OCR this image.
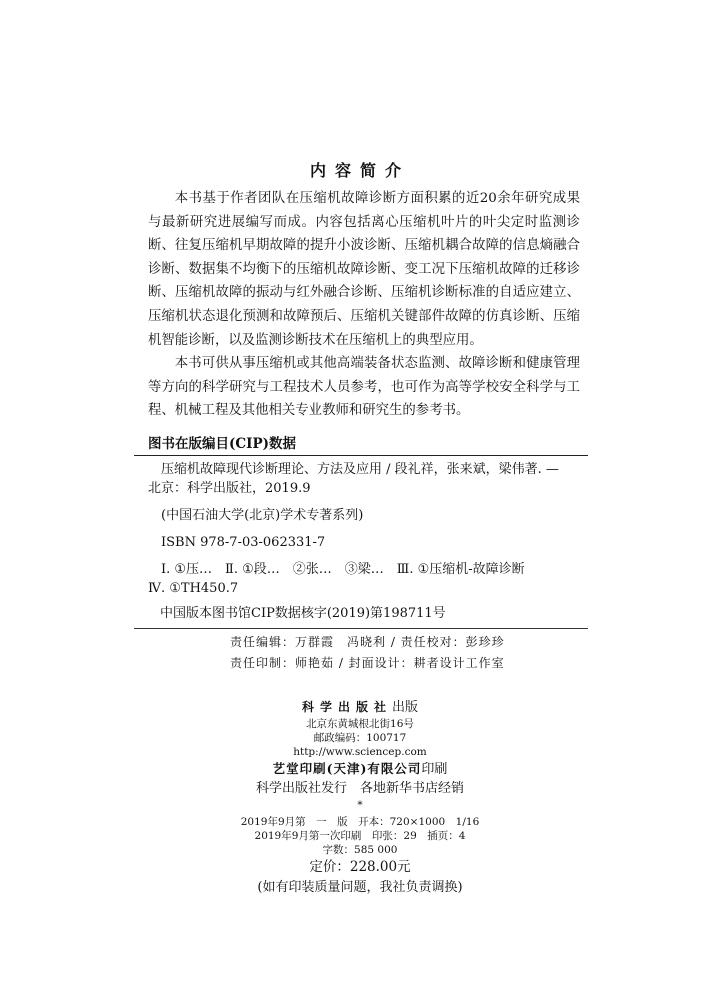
内容简介

本书基于作者团队在压缩机故障诊断方面积累的近20余年研究成果与最新研究进展编写而成。内容包括离心压缩机叶片的叶尖定时监测诊断、往复压缩机早期故障的提升小波诊断、压缩机耦合故障的信息熵融合诊断、数据集不均衡下的压缩机故障诊断、变工况下压缩机故障的迁移诊断、压缩机故障的振动与红外融合诊断、压缩机诊断标准的自适应建立、压缩机状态退化预测和故障预后、压缩机关键部件故障的仿真诊断、压缩机智能诊断，以及监测诊断技术在压缩机上的典型应用。

本书可供从事压缩机或其他高端装备状态监测、故障诊断和健康管理等方向的科学研究与工程技术人员参考，也可作为高等学校安全科学与工程、机械工程及其他相关专业教师和研究生的参考书。

图书在版编目(CIP)数据
压缩机故障现代诊断理论、方法及应用 / 段礼祥，张来斌，梁伟著. —
北京：科学出版社，2019.9
(中国石油大学(北京)学术专著系列)
ISBN 978-7-03-062331-7
Ⅰ. ①压…　Ⅱ. ①段…　②张…　③梁…　Ⅲ. ①压缩机-故障诊断
Ⅳ. ①TH450.7
中国版本图书馆CIP数据核字(2019)第198711号
责任编辑：万群霞　冯晓利 / 责任校对：彭珍珍
责任印制：师艳茹 / 封面设计：耕者设计工作室
科学出版社出版
北京东黄城根北街16号
邮政编码：100717
http://www.sciencep.com
艺堂印刷(天津)有限公司印刷
科学出版社发行　各地新华书店经销
*
2019年9月第　一　版　开本：720×1000　1/16
2019年9月第一次印刷　印张：29　插页：4
字数：585 000
定价：228.00元
(如有印装质量问题，我社负责调换)
